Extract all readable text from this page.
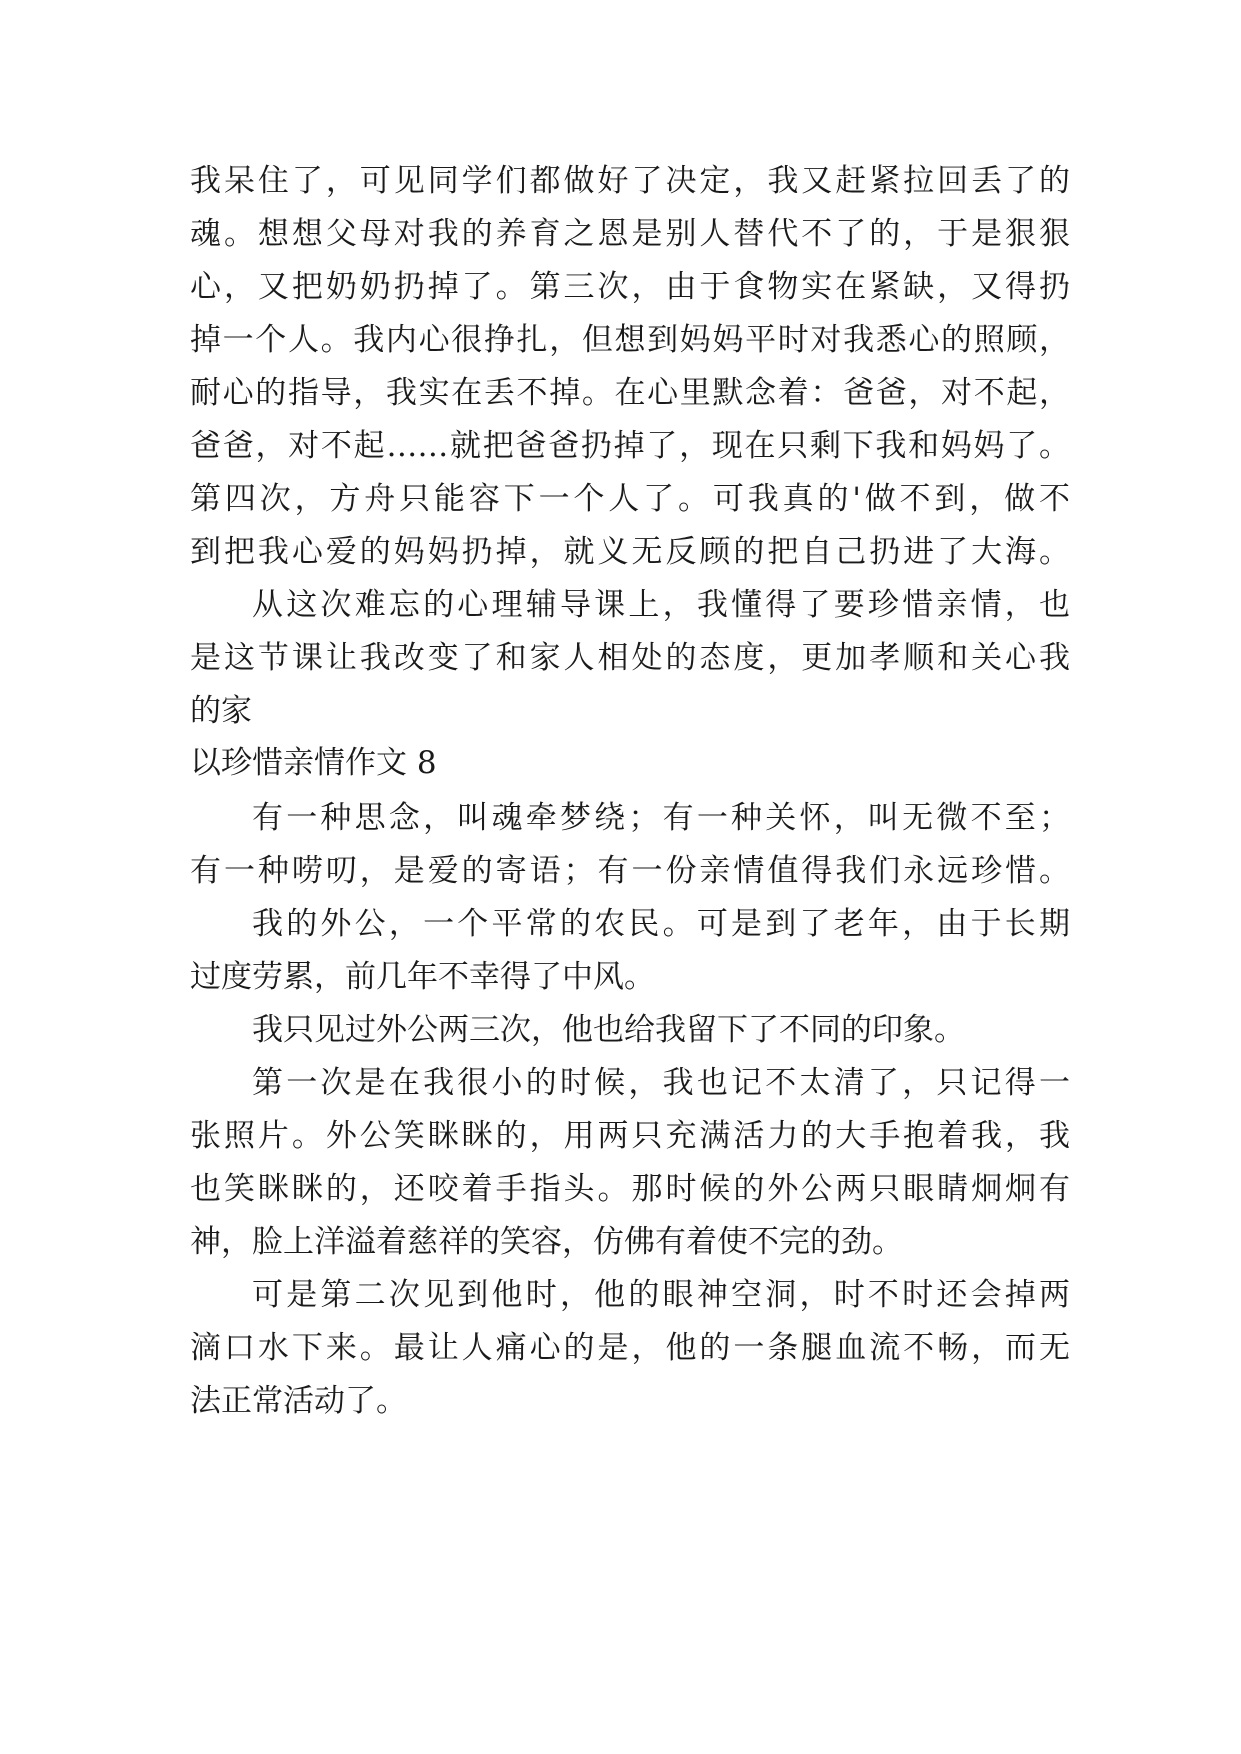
我呆住了，可见同学们都做好了决定，我又赶紧拉回丢了的
魂。想想父母对我的养育之恩是别人替代不了的，于是狠狠
心，又把奶奶扔掉了。第三次，由于食物实在紧缺，又得扔
掉一个人。我内心很挣扎，但想到妈妈平时对我悉心的照顾，
耐心的指导，我实在丢不掉。在心里默念着：爸爸，对不起，
爸爸，对不起……就把爸爸扔掉了，现在只剩下我和妈妈了。
第四次，方舟只能容下一个人了。可我真的'做不到，做不
到把我心爱的妈妈扔掉，就义无反顾的把自己扔进了大海。
从这次难忘的心理辅导课上，我懂得了要珍惜亲情，也
是这节课让我改变了和家人相处的态度，更加孝顺和关心我
的家
以珍惜亲情作文 8
有一种思念，叫魂牵梦绕；有一种关怀，叫无微不至；
有一种唠叨，是爱的寄语；有一份亲情值得我们永远珍惜。
我的外公，一个平常的农民。可是到了老年，由于长期
过度劳累，前几年不幸得了中风。
我只见过外公两三次，他也给我留下了不同的印象。
第一次是在我很小的时候，我也记不太清了，只记得一
张照片。外公笑眯眯的，用两只充满活力的大手抱着我，我
也笑眯眯的，还咬着手指头。那时候的外公两只眼睛炯炯有
神，脸上洋溢着慈祥的笑容，仿佛有着使不完的劲。
可是第二次见到他时，他的眼神空洞，时不时还会掉两
滴口水下来。最让人痛心的是，他的一条腿血流不畅，而无
法正常活动了。
